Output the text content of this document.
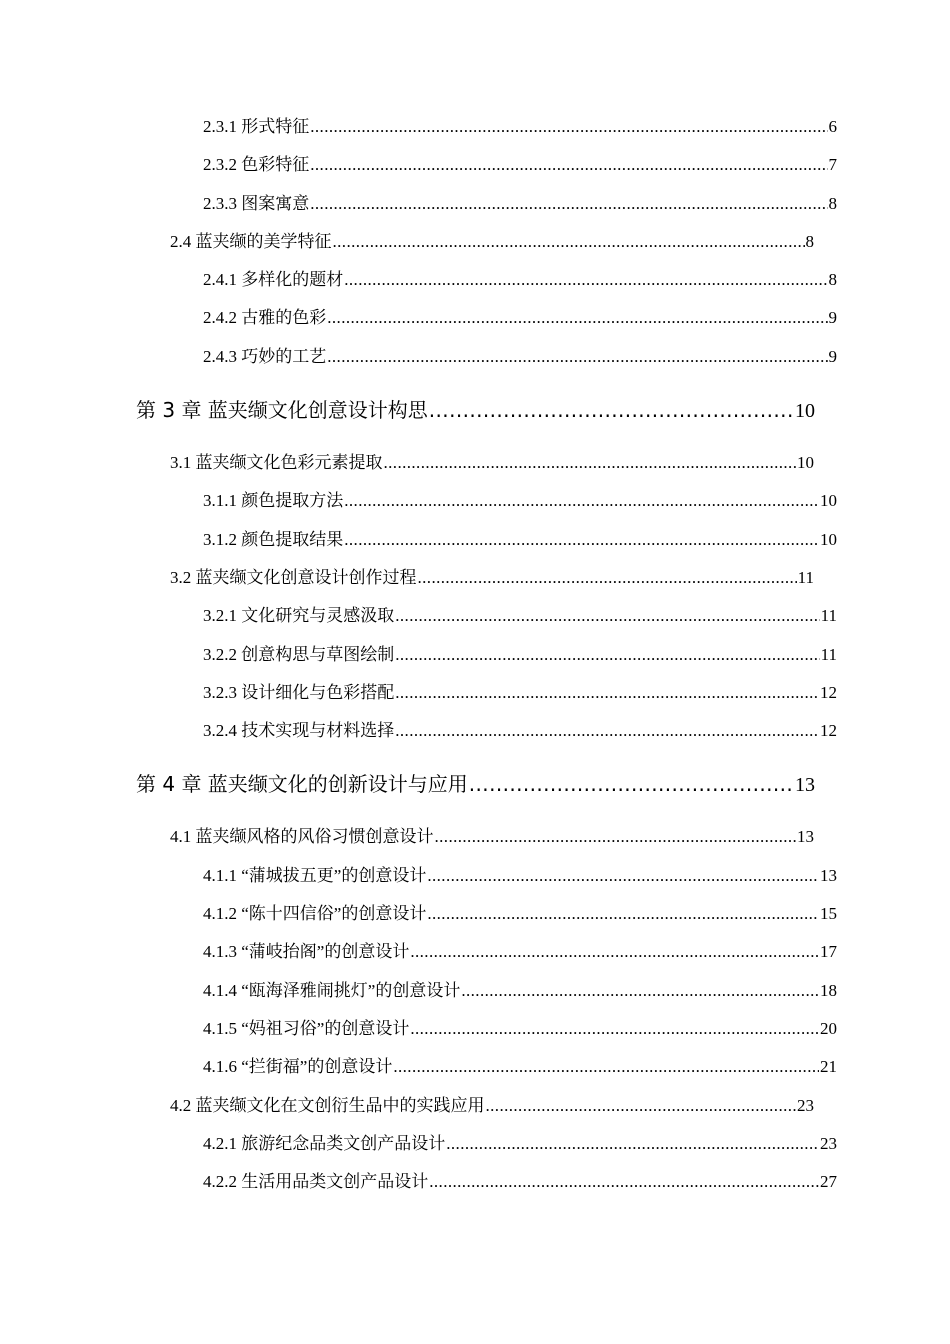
2.3.1 形式特征 .....	6
2.3.2 色彩特征 .....	7
2.3.3 图案寓意 .....	8
2.4 蓝夹缬的美学特征 .....	8
2.4.1 多样化的题材 .....	8
2.4.2 古雅的色彩 .....	9
2.4.3 巧妙的工艺 .....	9
第 3 章 蓝夹缬文化创意设计构思 .....	10
3.1 蓝夹缬文化色彩元素提取 .....	10
3.1.1 颜色提取方法 .....	10
3.1.2 颜色提取结果 .....	10
3.2 蓝夹缬文化创意设计创作过程 .....	11
3.2.1 文化研究与灵感汲取 .....	11
3.2.2 创意构思与草图绘制 .....	11
3.2.3 设计细化与色彩搭配 .....	12
3.2.4 技术实现与材料选择 .....	12
第 4 章 蓝夹缬文化的创新设计与应用 .....	13
4.1 蓝夹缬风格的风俗习惯创意设计 .....	13
4.1.1 “蒲城拔五更”的创意设计 .....	13
4.1.2 “陈十四信俗”的创意设计 .....	15
4.1.3 “蒲岐抬阁”的创意设计 .....	17
4.1.4 “瓯海泽雅闹挑灯”的创意设计 .....	18
4.1.5 “妈祖习俗”的创意设计 .....	20
4.1.6 “拦街福”的创意设计 .....	21
4.2 蓝夹缬文化在文创衍生品中的实践应用 .....	23
4.2.1 旅游纪念品类文创产品设计 .....	23
4.2.2 生活用品类文创产品设计 .....	27
